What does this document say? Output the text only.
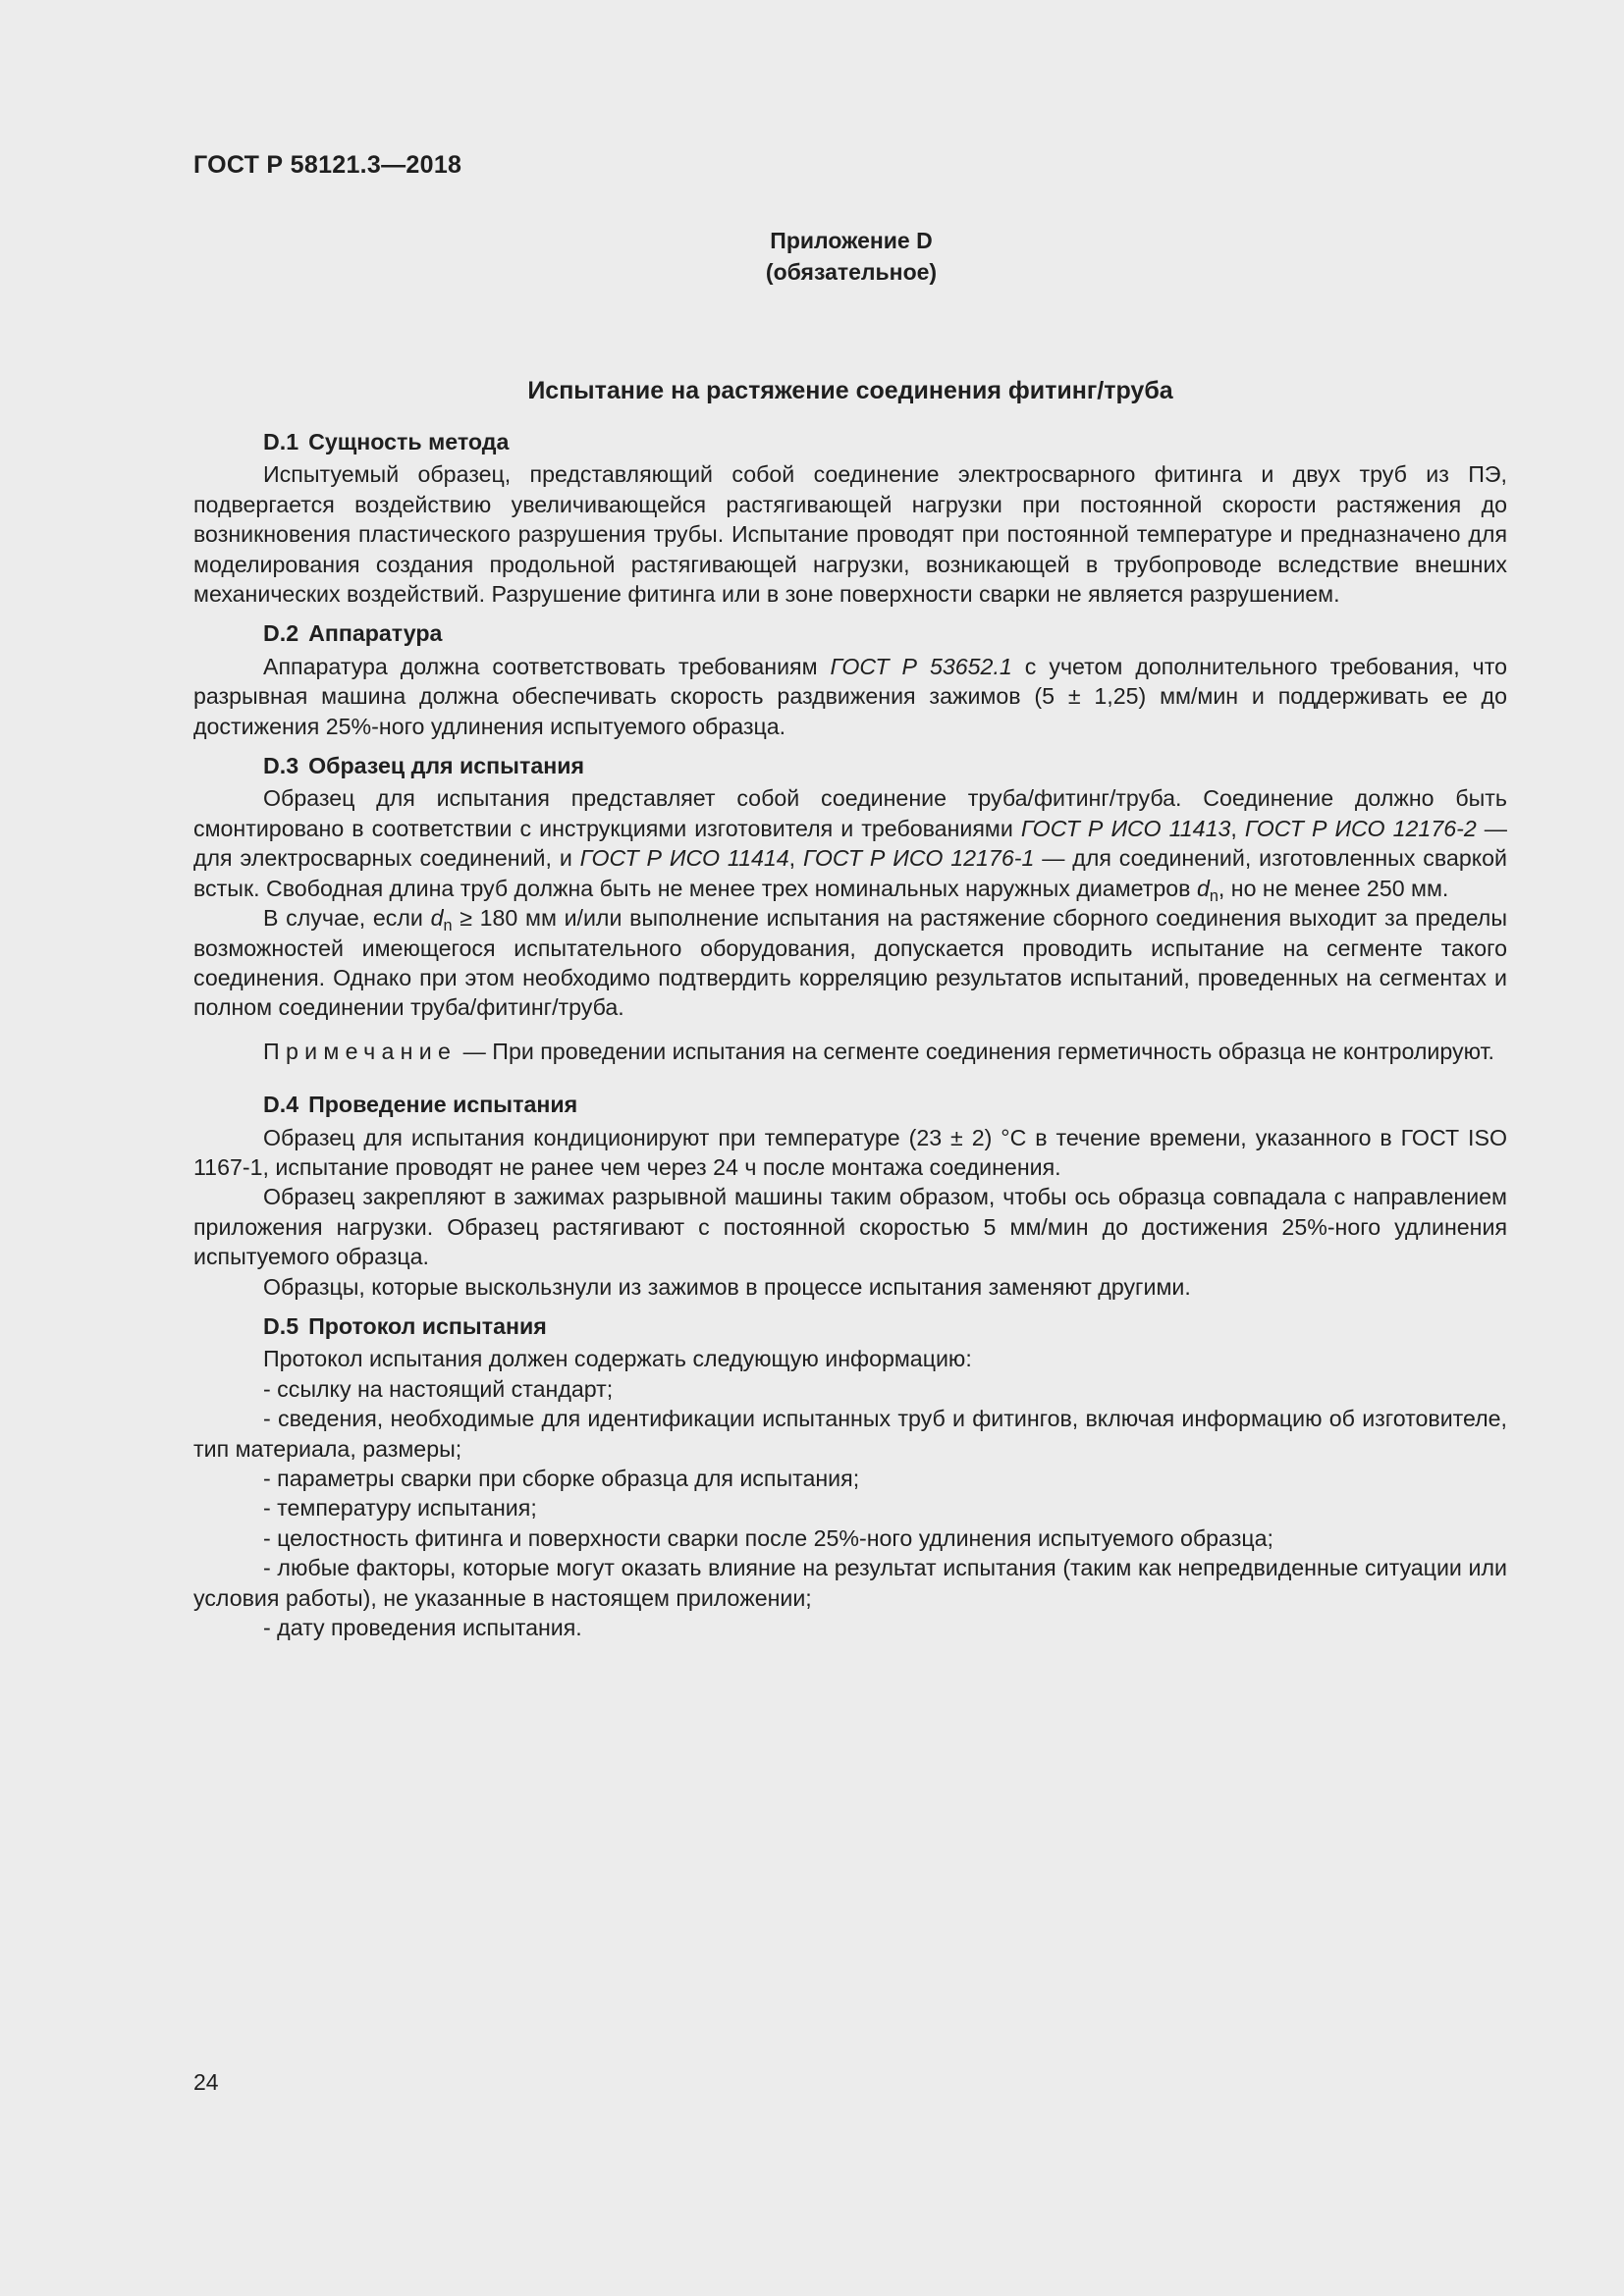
ГОСТ Р 58121.3—2018
Приложение D
(обязательное)
Испытание на растяжение соединения фитинг/труба
D.1 Сущность метода

Испытуемый образец, представляющий собой соединение электросварного фитинга и двух труб из ПЭ, подвергается воздействию увеличивающейся растягивающей нагрузки при постоянной скорости растяжения до возникновения пластического разрушения трубы. Испытание проводят при постоянной температуре и предназначено для моделирования создания продольной растягивающей нагрузки, возникающей в трубопроводе вследствие внешних механических воздействий. Разрушение фитинга или в зоне поверхности сварки не является разрушением.

D.2 Аппаратура

Аппаратура должна соответствовать требованиям ГОСТ Р 53652.1 с учетом дополнительного требования, что разрывная машина должна обеспечивать скорость раздвижения зажимов (5 ± 1,25) мм/мин и поддерживать ее до достижения 25%-ного удлинения испытуемого образца.

D.3 Образец для испытания

Образец для испытания представляет собой соединение труба/фитинг/труба. Соединение должно быть смонтировано в соответствии с инструкциями изготовителя и требованиями ГОСТ Р ИСО 11413, ГОСТ Р ИСО 12176-2 — для электросварных соединений, и ГОСТ Р ИСО 11414, ГОСТ Р ИСО 12176-1 — для соединений, изготовленных сваркой встык. Свободная длина труб должна быть не менее трех номинальных наружных диаметров $d_n$, но не менее 250 мм.

В случае, если $d_n \ge 180$ мм и/или выполнение испытания на растяжение сборного соединения выходит за пределы возможностей имеющегося испытательного оборудования, допускается проводить испытание на сегменте такого соединения. Однако при этом необходимо подтвердить корреляцию результатов испытаний, проведенных на сегментах и полном соединении труба/фитинг/труба.

Примечание — При проведении испытания на сегменте соединения герметичность образца не контролируют.

D.4 Проведение испытания

Образец для испытания кондиционируют при температуре (23 ± 2) °С в течение времени, указанного в ГОСТ ISO 1167-1, испытание проводят не ранее чем через 24 ч после монтажа соединения.

Образец закрепляют в зажимах разрывной машины таким образом, чтобы ось образца совпадала с направлением приложения нагрузки. Образец растягивают с постоянной скоростью 5 мм/мин до достижения 25%-ного удлинения испытуемого образца.

Образцы, которые выскользнули из зажимов в процессе испытания заменяют другими.

D.5 Протокол испытания

Протокол испытания должен содержать следующую информацию:

- ссылку на настоящий стандарт;

- сведения, необходимые для идентификации испытанных труб и фитингов, включая информацию об изготовителе, тип материала, размеры;

- параметры сварки при сборке образца для испытания;

- температуру испытания;

- целостность фитинга и поверхности сварки после 25%-ного удлинения испытуемого образца;

- любые факторы, которые могут оказать влияние на результат испытания (таким как непредвиденные ситуации или условия работы), не указанные в настоящем приложении;

- дату проведения испытания.

24
